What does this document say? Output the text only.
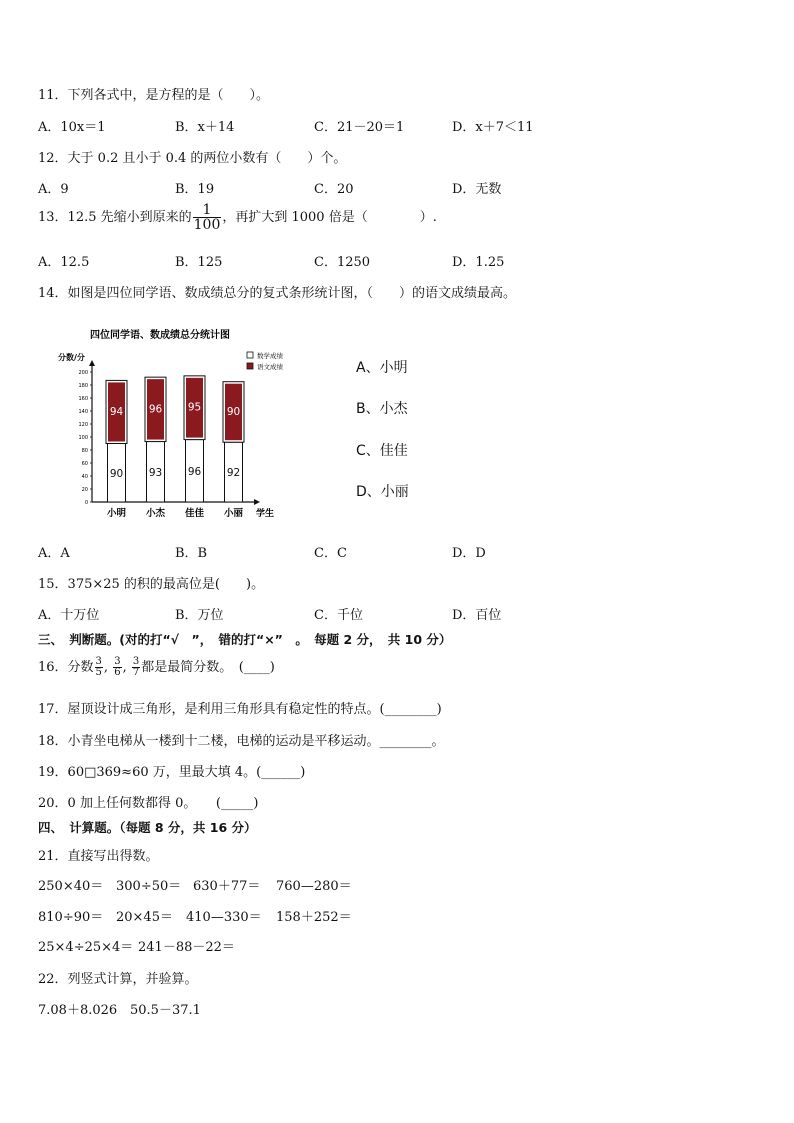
11．下列各式中，是方程的是（　　）。
A．10x＝1	B．x＋14	C．21－20＝1	D．x＋7＜11
12．大于 0.2 且小于 0.4 的两位小数有（　　）个。
A．9	B．19	C．20	D．无数
13．12.5 先缩小到原来的 $\frac{1}{100}$ ，再扩大到 1000 倍是（　　　　）.
A．12.5	B．125	C．1250	D．1.25
14．如图是四位同学语、数成绩总分的复式条形统计图，（　　）的语文成绩最高。
四位同学语、数成绩总分统计图
分数/分
学生
数学成绩
语文成绩
0
20
40
60
80
100
120
140
160
180
200
90
94
小明
93
96
小杰
96
95
佳佳
92
90
小丽
A、小明
B、小杰
C、佳佳
D、小丽
A．A	B．B	C．C	D．D
15．375×25 的积的最高位是(　　)。
A．十万位	B．万位	C．千位	D．百位
三、　判断题。(对的打“√　”，　错的打“×”　。　每题 2 分，　共 10 分）
16．分数 $\frac{3}{5}$ , $\frac{3}{6}$ , $\frac{3}{7}$ 都是最简分数。　(____)
17．屋顶设计成三角形，是利用三角形具有稳定性的特点。(________)
18．小青坐电梯从一楼到十二楼，电梯的运动是平移运动。________。
19．60□369≈60 万，里最大填 4。(______)
20．0 加上任何数都得 0。　　(_____)
四、　计算题。（每题 8 分，共 16 分）
21．直接写出得数。
250×40＝ 300÷50＝ 630＋77＝ 760—280＝
810÷90＝ 20×45＝ 410—330＝ 158＋252＝
25×4÷25×4＝ 241－88－22＝
22．列竖式计算，并验算。
7.08＋8.026 50.5－37.1
